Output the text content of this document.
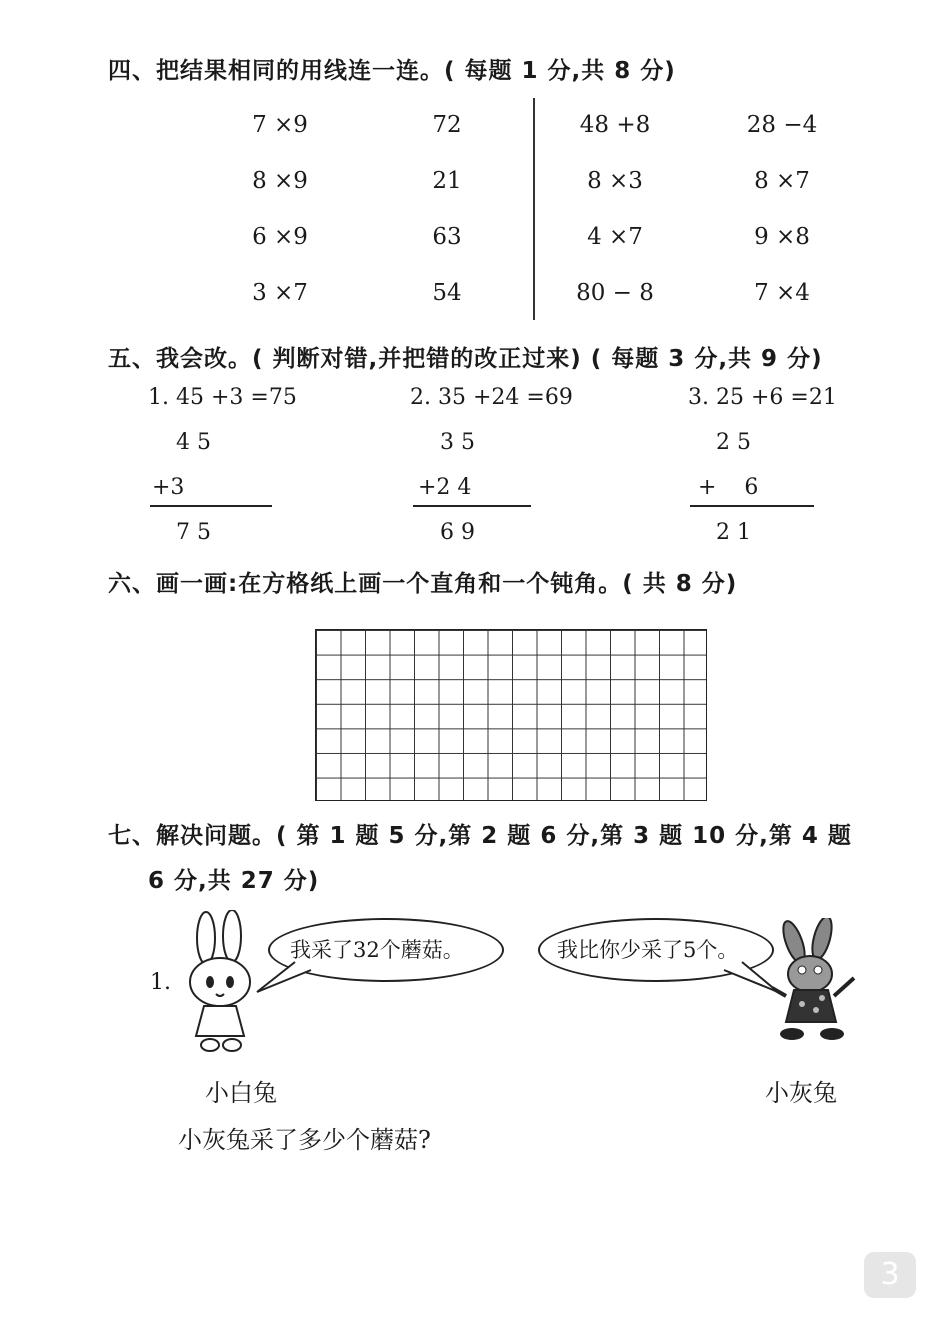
四、把结果相同的用线连一连。( 每题 1 分,共 8 分)
7 ×9
8 ×9
6 ×9
3 ×7
72
21
63
54
48 +8
8 ×3
4 ×7
80 − 8
28 −4
8 ×7
9 ×8
7 ×4
五、我会改。( 判断对错,并把错的改正过来) ( 每题 3 分,共 9 分)
1. 45 +3 =75
4 5
+3
7 5
2. 35 +24 =69
3 5
+2 4
6 9
3. 25 +6 =21
2 5
+    6
2 1
六、画一画:在方格纸上画一个直角和一个钝角。( 共 8 分)
七、解决问题。( 第 1 题 5 分,第 2 题 6 分,第 3 题 10 分,第 4 题
6 分,共 27 分)
1.
我采了32个蘑菇。	我比你少采了5个。
小白兔	小灰兔
小灰兔采了多少个蘑菇?
3
